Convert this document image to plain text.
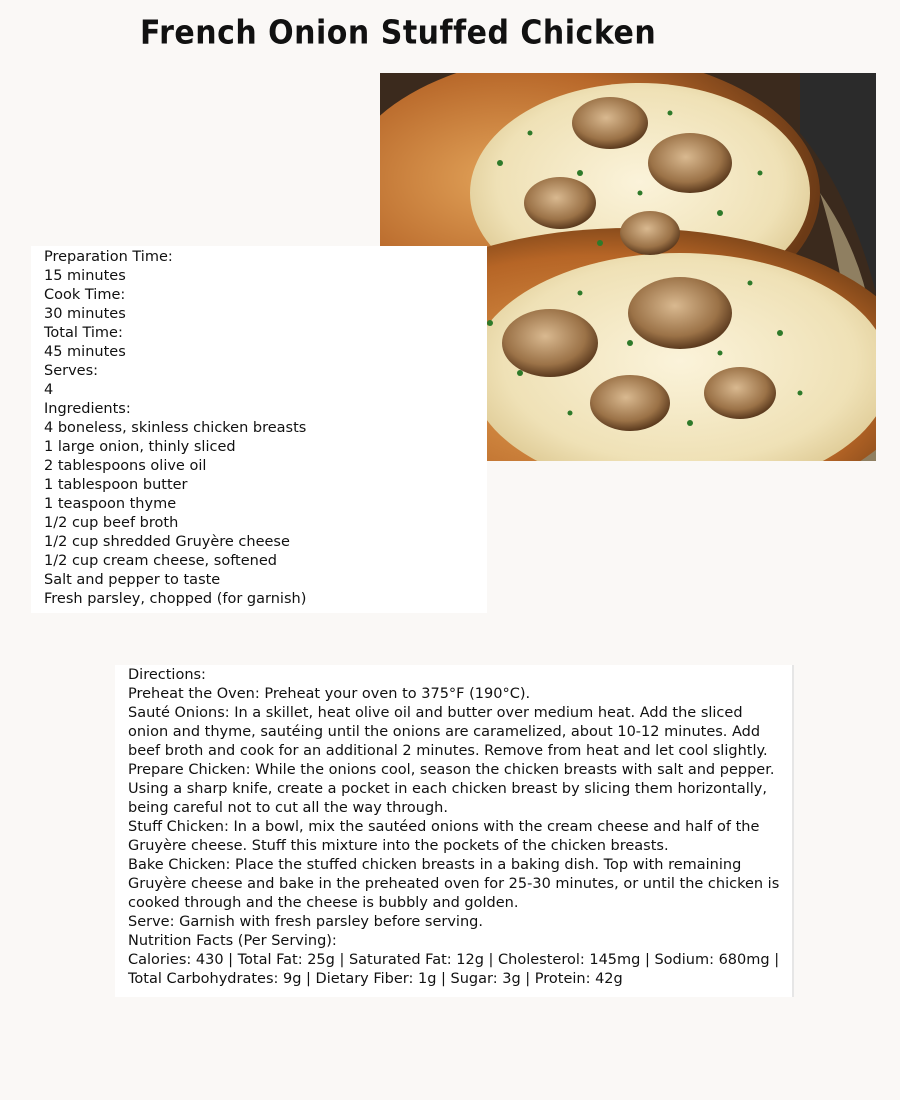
French Onion Stuffed Chicken
Preparation Time:
15 minutes
Cook Time:
30 minutes
Total Time:
45 minutes
Serves:
4
Ingredients:
4 boneless, skinless chicken breasts
1 large onion, thinly sliced
2 tablespoons olive oil
1 tablespoon butter
1 teaspoon thyme
1/2 cup beef broth
1/2 cup shredded Gruyère cheese
1/2 cup cream cheese, softened
Salt and pepper to taste
Fresh parsley, chopped (for garnish)

Directions:

Preheat the Oven: Preheat your oven to 375°F (190°C).

Sauté Onions: In a skillet, heat olive oil and butter over medium heat. Add the sliced onion and thyme, sautéing until the onions are caramelized, about 10-12 minutes. Add beef broth and cook for an additional 2 minutes. Remove from heat and let cool slightly.

Prepare Chicken: While the onions cool, season the chicken breasts with salt and pepper. Using a sharp knife, create a pocket in each chicken breast by slicing them horizontally, being careful not to cut all the way through.

Stuff Chicken: In a bowl, mix the sautéed onions with the cream cheese and half of the Gruyère cheese. Stuff this mixture into the pockets of the chicken breasts.

Bake Chicken: Place the stuffed chicken breasts in a baking dish. Top with remaining Gruyère cheese and bake in the preheated oven for 25-30 minutes, or until the chicken is cooked through and the cheese is bubbly and golden.

Serve: Garnish with fresh parsley before serving.

Nutrition Facts (Per Serving):

Calories: 430 | Total Fat: 25g | Saturated Fat: 12g | Cholesterol: 145mg | Sodium: 680mg | Total Carbohydrates: 9g | Dietary Fiber: 1g | Sugar: 3g | Protein: 42g
